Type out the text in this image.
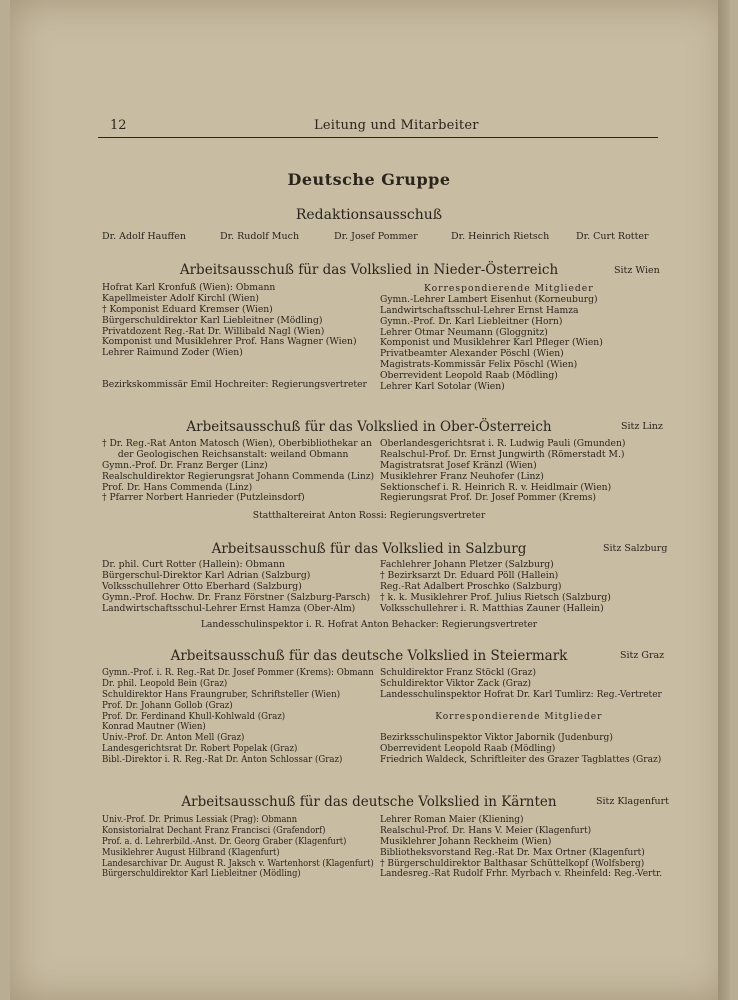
12	Leitung und Mitarbeiter
Deutsche Gruppe
Redaktionsausschuß
Dr. Adolf Hauffen	Dr. Rudolf Much	Dr. Josef Pommer	Dr. Heinrich Rietsch	Dr. Curt Rotter
Arbeitsausschuß für das Volkslied in Nieder-Österreich	Sitz Wien
Hofrat Karl Kronfuß (Wien): Obmann
Kapellmeister Adolf Kirchl (Wien)
† Komponist Eduard Kremser (Wien)
Bürgerschuldirektor Karl Liebleitner (Mödling)
Privatdozent Reg.-Rat Dr. Willibald Nagl (Wien)
Komponist und Musiklehrer Prof. Hans Wagner (Wien)
Lehrer Raimund Zoder (Wien)
Bezirkskommissär Emil Hochreiter: Regierungsvertreter
Korrespondierende Mitglieder
Gymn.-Lehrer Lambert Eisenhut (Korneuburg)
Landwirtschaftsschul-Lehrer Ernst Hamza
Gymn.-Prof. Dr. Karl Liebleitner (Horn)
Lehrer Otmar Neumann (Gloggnitz)
Komponist und Musiklehrer Karl Pfleger (Wien)
Privatbeamter Alexander Pöschl (Wien)
Magistrats-Kommissär Felix Pöschl (Wien)
Oberrevident Leopold Raab (Mödling)
Lehrer Karl Sotolar (Wien)
Arbeitsausschuß für das Volkslied in Ober-Österreich	Sitz Linz
† Dr. Reg.-Rat Anton Matosch (Wien), Oberbibliothekar an
der Geologischen Reichsanstalt: weiland Obmann
Gymn.-Prof. Dr. Franz Berger (Linz)
Realschuldirektor Regierungsrat Johann Commenda (Linz)
Prof. Dr. Hans Commenda (Linz)
† Pfarrer Norbert Hanrieder (Putzleinsdorf)
Oberlandesgerichtsrat i. R. Ludwig Pauli (Gmunden)
Realschul-Prof. Dr. Ernst Jungwirth (Römerstadt M.)
Magistratsrat Josef Kränzl (Wien)
Musiklehrer Franz Neuhofer (Linz)
Sektionschef i. R. Heinrich R. v. Heidlmair (Wien)
Regierungsrat Prof. Dr. Josef Pommer (Krems)
Statthaltereirat Anton Rossi: Regierungsvertreter
Arbeitsausschuß für das Volkslied in Salzburg	Sitz Salzburg
Dr. phil. Curt Rotter (Hallein): Obmann
Bürgerschul-Direktor Karl Adrian (Salzburg)
Volksschullehrer Otto Eberhard (Salzburg)
Gymn.-Prof. Hochw. Dr. Franz Förstner (Salzburg-Parsch)
Landwirtschaftsschul-Lehrer Ernst Hamza (Ober-Alm)
Fachlehrer Johann Pletzer (Salzburg)
† Bezirksarzt Dr. Eduard Pöll (Hallein)
Reg.-Rat Adalbert Proschko (Salzburg)
† k. k. Musiklehrer Prof. Julius Rietsch (Salzburg)
Volksschullehrer i. R. Matthias Zauner (Hallein)
Landesschulinspektor i. R. Hofrat Anton Behacker: Regierungsvertreter
Arbeitsausschuß für das deutsche Volkslied in Steiermark	Sitz Graz
Gymn.-Prof. i. R. Reg.-Rat Dr. Josef Pommer (Krems): Obmann
Dr. phil. Leopold Bein (Graz)
Schuldirektor Hans Fraungruber, Schriftsteller (Wien)
Prof. Dr. Johann Gollob (Graz)
Prof. Dr. Ferdinand Khull-Kohlwald (Graz)
Konrad Mautner (Wien)
Univ.-Prof. Dr. Anton Mell (Graz)
Landesgerichtsrat Dr. Robert Popelak (Graz)
Bibl.-Direktor i. R. Reg.-Rat Dr. Anton Schlossar (Graz)
Schuldirektor Franz Stöckl (Graz)
Schuldirektor Viktor Zack (Graz)
Landesschulinspektor Hofrat Dr. Karl Tumlirz: Reg.-Vertreter
Korrespondierende Mitglieder
Bezirksschulinspektor Viktor Jabornik (Judenburg)
Oberrevident Leopold Raab (Mödling)
Friedrich Waldeck, Schriftleiter des Grazer Tagblattes (Graz)
Arbeitsausschuß für das deutsche Volkslied in Kärnten	Sitz Klagenfurt
Univ.-Prof. Dr. Primus Lessiak (Prag): Obmann
Konsistorialrat Dechant Franz Francisci (Grafendorf)
Prof. a. d. Lehrerbild.-Anst. Dr. Georg Graber (Klagenfurt)
Musiklehrer August Hilbrand (Klagenfurt)
Landesarchivar Dr. August R. Jaksch v. Wartenhorst (Klagenfurt)
Bürgerschuldirektor Karl Liebleitner (Mödling)
Lehrer Roman Maier (Kliening)
Realschul-Prof. Dr. Hans V. Meier (Klagenfurt)
Musiklehrer Johann Reckheim (Wien)
Bibliotheksvorstand Reg.-Rat Dr. Max Ortner (Klagenfurt)
† Bürgerschuldirektor Balthasar Schüttelkopf (Wolfsberg)
Landesreg.-Rat Rudolf Frhr. Myrbach v. Rheinfeld: Reg.-Vertr.
